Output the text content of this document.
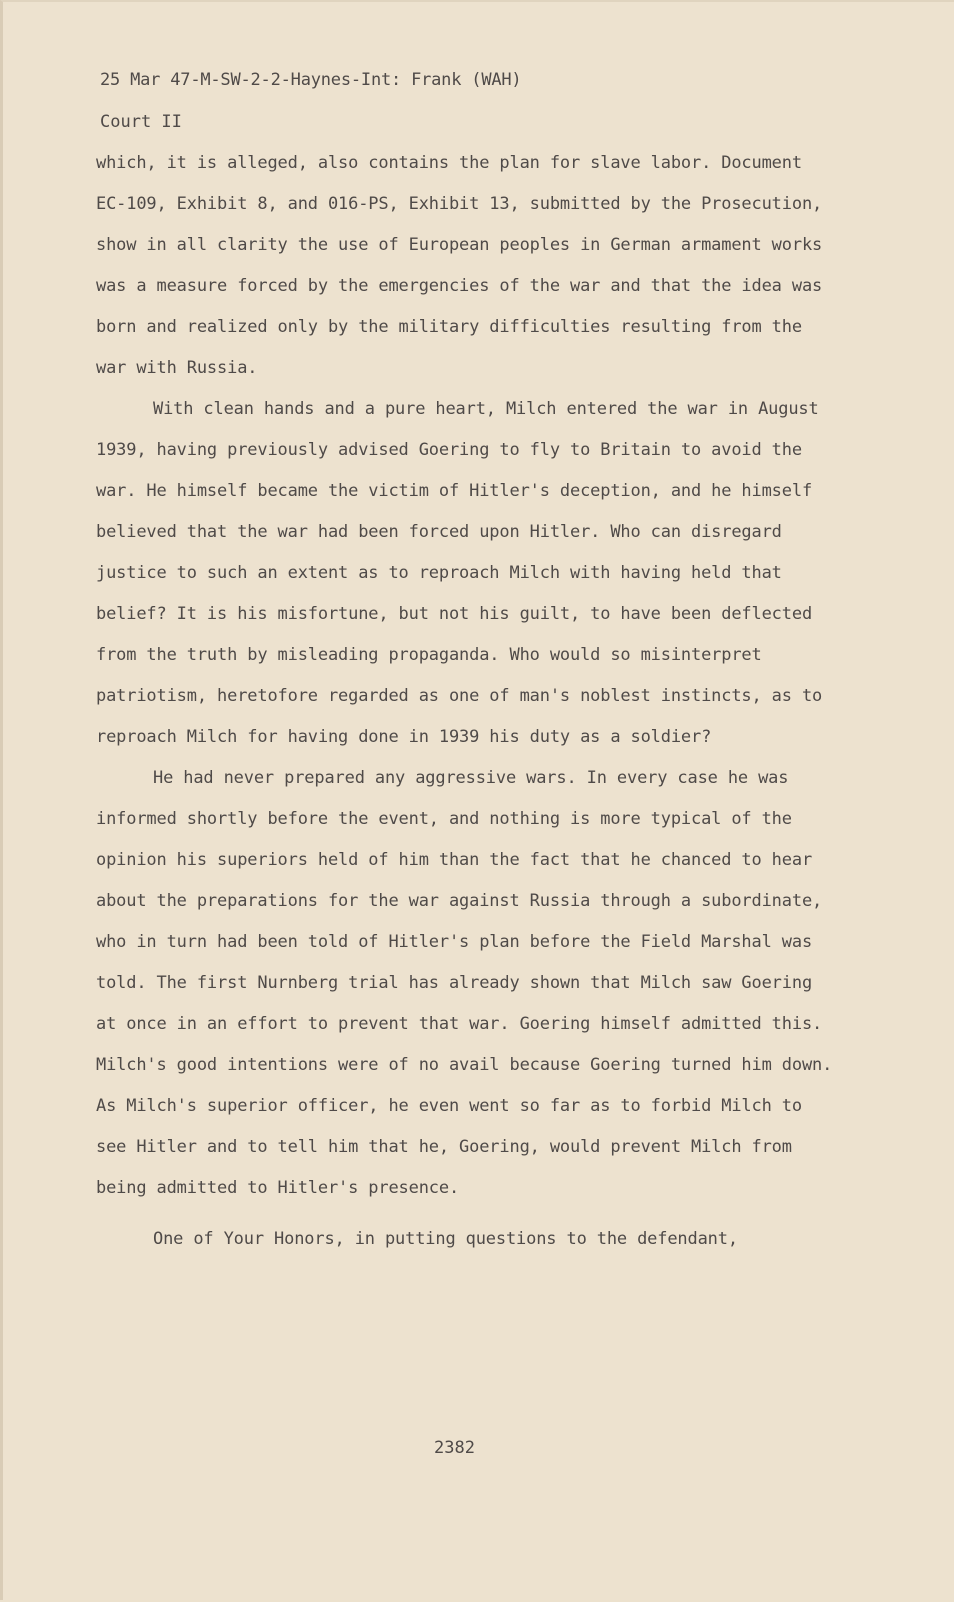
25 Mar 47-M-SW-2-2-Haynes-Int: Frank (WAH)
Court II
which, it is alleged, also contains the plan for slave labor. Document
EC-109, Exhibit 8, and 016-PS, Exhibit 13, submitted by the Prosecution,
show in all clarity the use of European peoples in German armament works
was a measure forced by the emergencies of the war and that the idea was
born and realized only by the military difficulties resulting from the
war with Russia.
With clean hands and a pure heart, Milch entered the war in August
1939, having previously advised Goering to fly to Britain to avoid the
war. He himself became the victim of Hitler's deception, and he himself
believed that the war had been forced upon Hitler. Who can disregard
justice to such an extent as to reproach Milch with having held that
belief? It is his misfortune, but not his guilt, to have been deflected
from the truth by misleading propaganda. Who would so misinterpret
patriotism, heretofore regarded as one of man's noblest instincts, as to
reproach Milch for having done in 1939 his duty as a soldier?
He had never prepared any aggressive wars. In every case he was
informed shortly before the event, and nothing is more typical of the
opinion his superiors held of him than the fact that he chanced to hear
about the preparations for the war against Russia through a subordinate,
who in turn had been told of Hitler's plan before the Field Marshal was
told. The first Nurnberg trial has already shown that Milch saw Goering
at once in an effort to prevent that war. Goering himself admitted this.
Milch's good intentions were of no avail because Goering turned him down.
As Milch's superior officer, he even went so far as to forbid Milch to
see Hitler and to tell him that he, Goering, would prevent Milch from
being admitted to Hitler's presence.
One of Your Honors, in putting questions to the defendant,
2382
